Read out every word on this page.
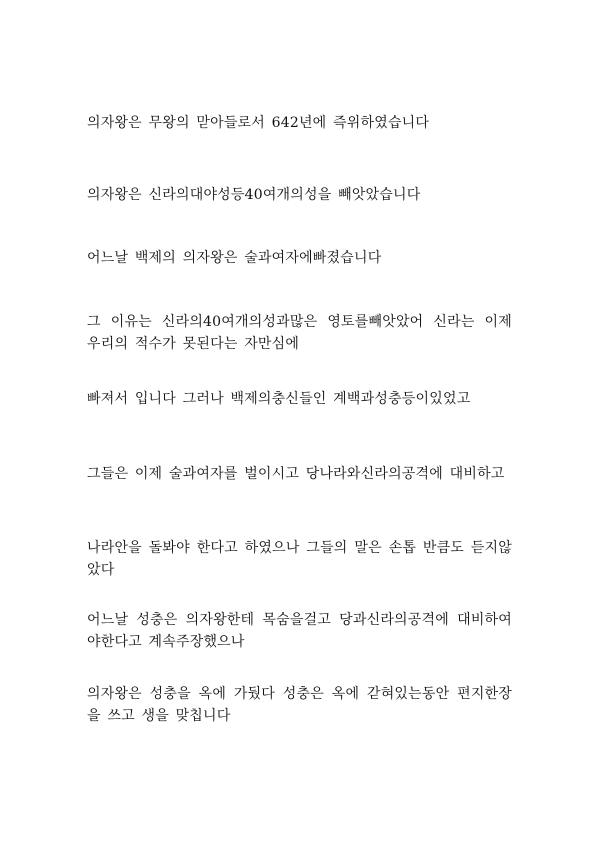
의자왕은 무왕의 맏아들로서 642년에 즉위하였습니다

의자왕은 신라의대야성등40여개의성을 빼앗았습니다

어느날 백제의 의자왕은 술과여자에빠졌습니다

그 이유는 신라의40여개의성과많은 영토를빼앗았어 신라는 이제 우리의 적수가 못된다는 자만심에

빠져서 입니다 그러나 백제의충신들인 계백과성충등이있었고

그들은 이제 술과여자를 벌이시고 당나라와신라의공격에 대비하고

나라안을 돌봐야 한다고 하였으나 그들의 말은 손톱 반큼도 듣지않았다

어느날 성충은 의자왕한테 목숨을걸고 당과신라의공격에 대비하여야한다고 계속주장했으나

의자왕은 성충을 옥에 가뒀다 성충은 옥에 갇혀있는동안 편지한장을 쓰고 생을 맞칩니다
